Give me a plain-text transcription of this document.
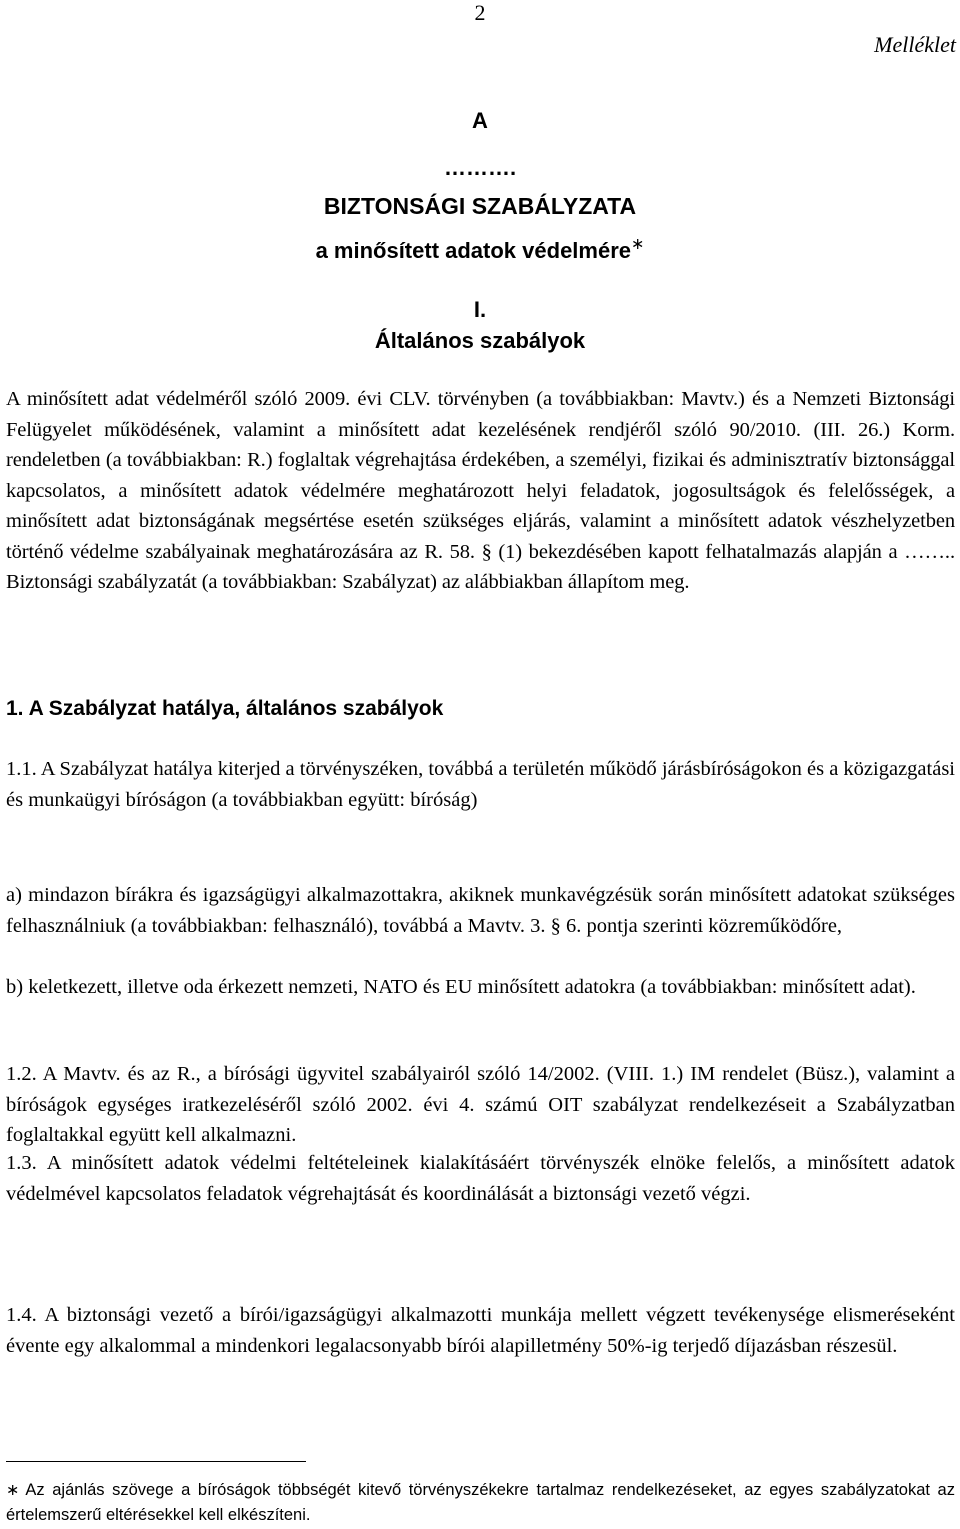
2
Melléklet
A
……….
BIZTONSÁGI SZABÁLYZATA
a minősített adatok védelmére∗
I.
Általános szabályok

A minősített adat védelméről szóló 2009. évi CLV. törvényben (a továbbiakban: Mavtv.) és a Nemzeti Biztonsági Felügyelet működésének, valamint a minősített adat kezelésének rendjéről szóló 90/2010. (III. 26.) Korm. rendeletben (a továbbiakban: R.) foglaltak végrehajtása érdekében, a személyi, fizikai és adminisztratív biztonsággal kapcsolatos, a minősített adatok védelmére meghatározott helyi feladatok, jogosultságok és felelősségek, a minősített adat biztonságának megsértése esetén szükséges eljárás, valamint a minősített adatok vészhelyzetben történő védelme szabályainak meghatározására az R. 58. § (1) bekezdésében kapott felhatalmazás alapján a …….. Biztonsági szabályzatát (a továbbiakban: Szabályzat) az alábbiakban állapítom meg.

1. A Szabályzat hatálya, általános szabályok

1.1. A Szabályzat hatálya kiterjed a törvényszéken, továbbá a területén működő járásbíróságokon és a közigazgatási és munkaügyi bíróságon (a továbbiakban együtt: bíróság)

a) mindazon bírákra és igazságügyi alkalmazottakra, akiknek munkavégzésük során minősített adatokat szükséges felhasználniuk (a továbbiakban: felhasználó), továbbá a Mavtv. 3. § 6. pontja szerinti közreműködőre,

b) keletkezett, illetve oda érkezett nemzeti, NATO és EU minősített adatokra (a továbbiakban: minősített adat).

1.2. A Mavtv. és az R., a bírósági ügyvitel szabályairól szóló 14/2002. (VIII. 1.) IM rendelet (Büsz.), valamint a bíróságok egységes iratkezeléséről szóló 2002. évi 4. számú OIT szabályzat rendelkezéseit a Szabályzatban foglaltakkal együtt kell alkalmazni.

1.3. A minősített adatok védelmi feltételeinek kialakításáért törvényszék elnöke felelős, a minősített adatok védelmével kapcsolatos feladatok végrehajtását és koordinálását a biztonsági vezető végzi.

1.4. A biztonsági vezető a bírói/igazságügyi alkalmazotti munkája mellett végzett tevékenysége elismeréseként évente egy alkalommal a mindenkori legalacsonyabb bírói alapilletmény 50%-ig terjedő díjazásban részesül.

∗ Az ajánlás szövege a bíróságok többségét kitevő törvényszékekre tartalmaz rendelkezéseket, az egyes szabályzatokat az értelemszerű eltérésekkel kell elkészíteni.
